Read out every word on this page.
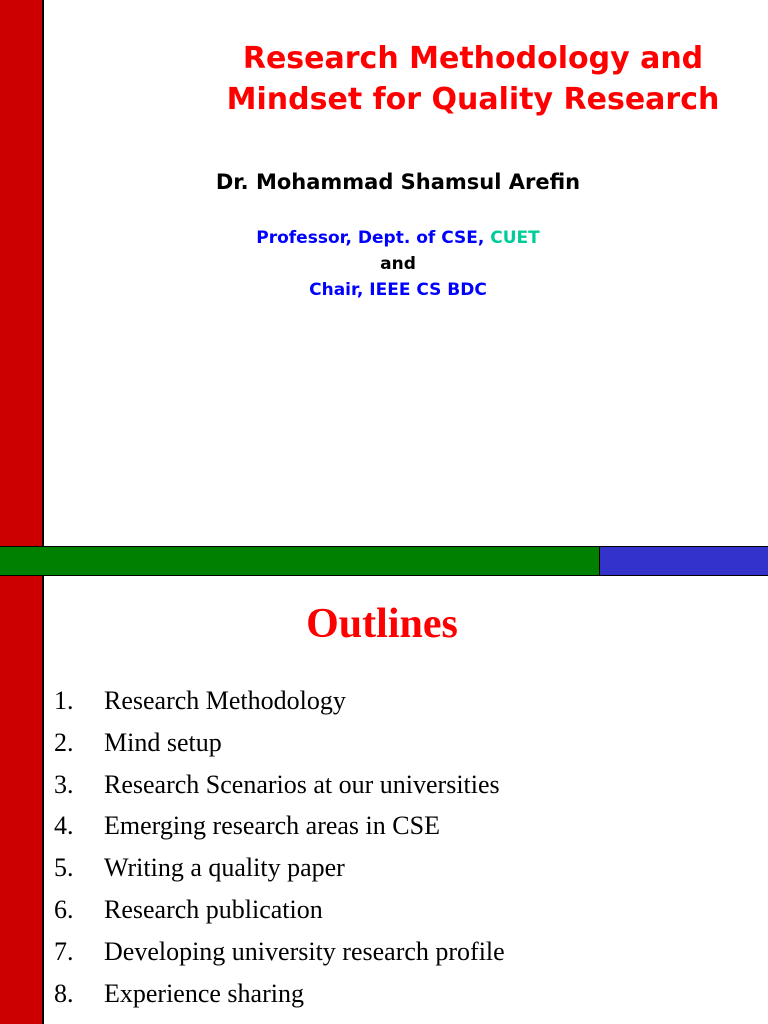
Research Methodology and
Mindset for Quality Research
Dr. Mohammad Shamsul Arefin
Professor, Dept. of CSE, CUET
and
Chair, IEEE CS BDC
Outlines
1. Research Methodology
2. Mind setup
3. Research Scenarios at our universities
4. Emerging research areas in CSE
5. Writing a quality paper
6. Research publication
7. Developing university research profile
8. Experience sharing
